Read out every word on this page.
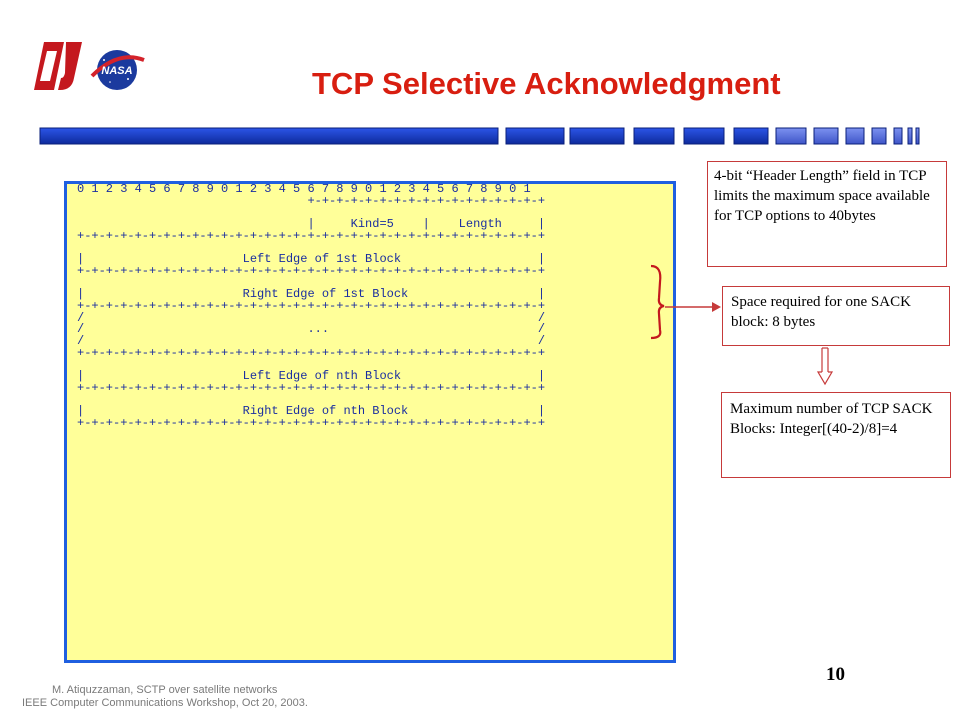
OU
NASA	TCP Selective Acknowledgment
0 1 2 3 4 5 6 7 8 9 0 1 2 3 4 5 6 7 8 9 0 1 2 3 4 5 6 7 8 9 0 1
+-+-+-+-+-+-+-+-+-+-+-+-+-+-+-+-+

|     Kind=5    |    Length     |
+-+-+-+-+-+-+-+-+-+-+-+-+-+-+-+-+-+-+-+-+-+-+-+-+-+-+-+-+-+-+-+-+

|                      Left Edge of 1st Block                   |
+-+-+-+-+-+-+-+-+-+-+-+-+-+-+-+-+-+-+-+-+-+-+-+-+-+-+-+-+-+-+-+-+

|                      Right Edge of 1st Block                  |
+-+-+-+-+-+-+-+-+-+-+-+-+-+-+-+-+-+-+-+-+-+-+-+-+-+-+-+-+-+-+-+-+
/                                                               /
/                               ...                             /
/                                                               /
+-+-+-+-+-+-+-+-+-+-+-+-+-+-+-+-+-+-+-+-+-+-+-+-+-+-+-+-+-+-+-+-+

|                      Left Edge of nth Block                   |
+-+-+-+-+-+-+-+-+-+-+-+-+-+-+-+-+-+-+-+-+-+-+-+-+-+-+-+-+-+-+-+-+

|                      Right Edge of nth Block                  |
+-+-+-+-+-+-+-+-+-+-+-+-+-+-+-+-+-+-+-+-+-+-+-+-+-+-+-+-+-+-+-+-+
4-bit “Header Length” field in TCP limits the maximum space available for TCP options to 40bytes
Space required for one SACK block: 8 bytes
Maximum number of TCP SACK Blocks: Integer[(40-2)/8]=4
10
M. Atiquzzaman, SCTP over satellite networks
IEEE Computer Communications Workshop, Oct 20, 2003.
